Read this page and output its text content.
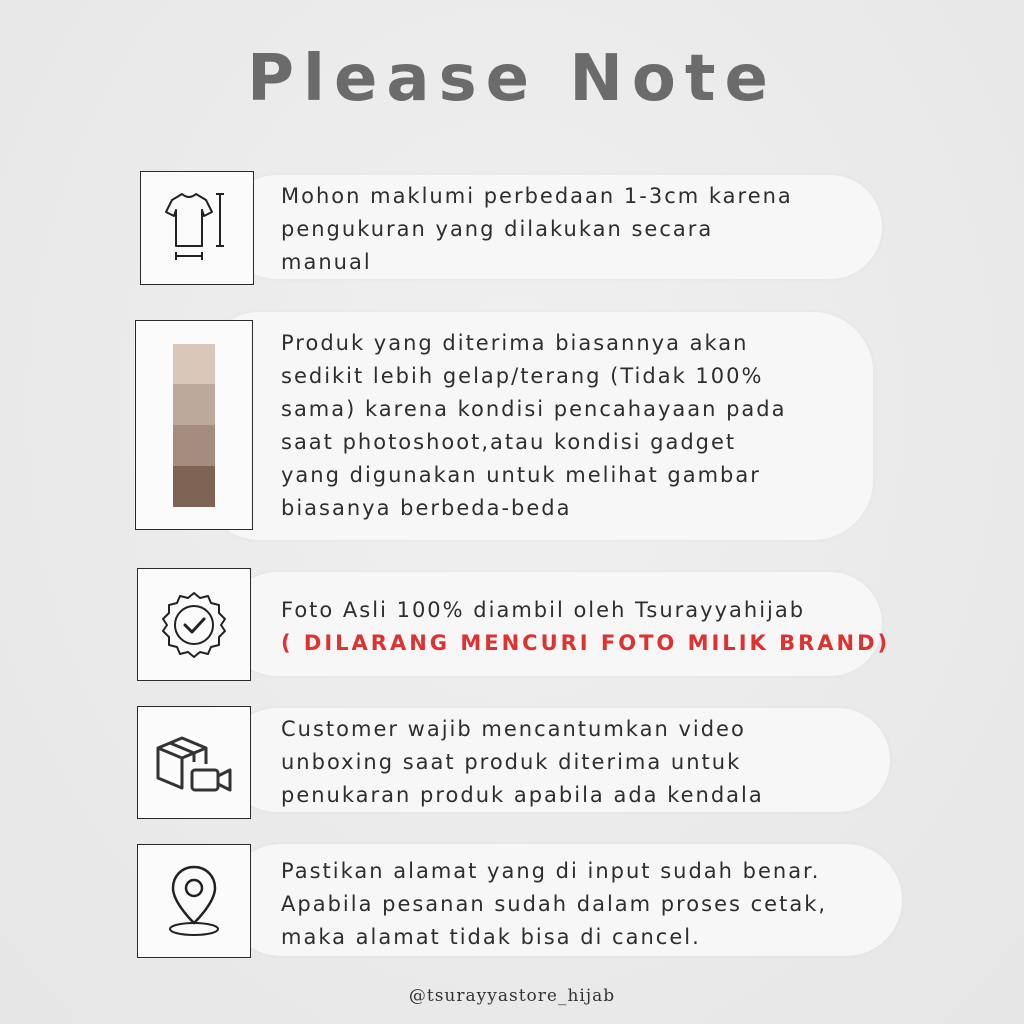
Please Note
Mohon maklumi perbedaan 1-3cm karena
pengukuran yang dilakukan secara
manual
Produk yang diterima biasannya akan
sedikit lebih gelap/terang (Tidak 100%
sama) karena kondisi pencahayaan pada
saat photoshoot,atau kondisi gadget
yang digunakan untuk melihat gambar
biasanya berbeda-beda
Foto Asli 100% diambil oleh Tsurayyahijab
( DILARANG MENCURI FOTO MILIK BRAND)
Customer wajib mencantumkan video
unboxing saat produk diterima untuk
penukaran produk apabila ada kendala
Pastikan alamat yang di input sudah benar.
Apabila pesanan sudah dalam proses cetak,
maka alamat tidak bisa di cancel.
@tsurayyastore_hijab
